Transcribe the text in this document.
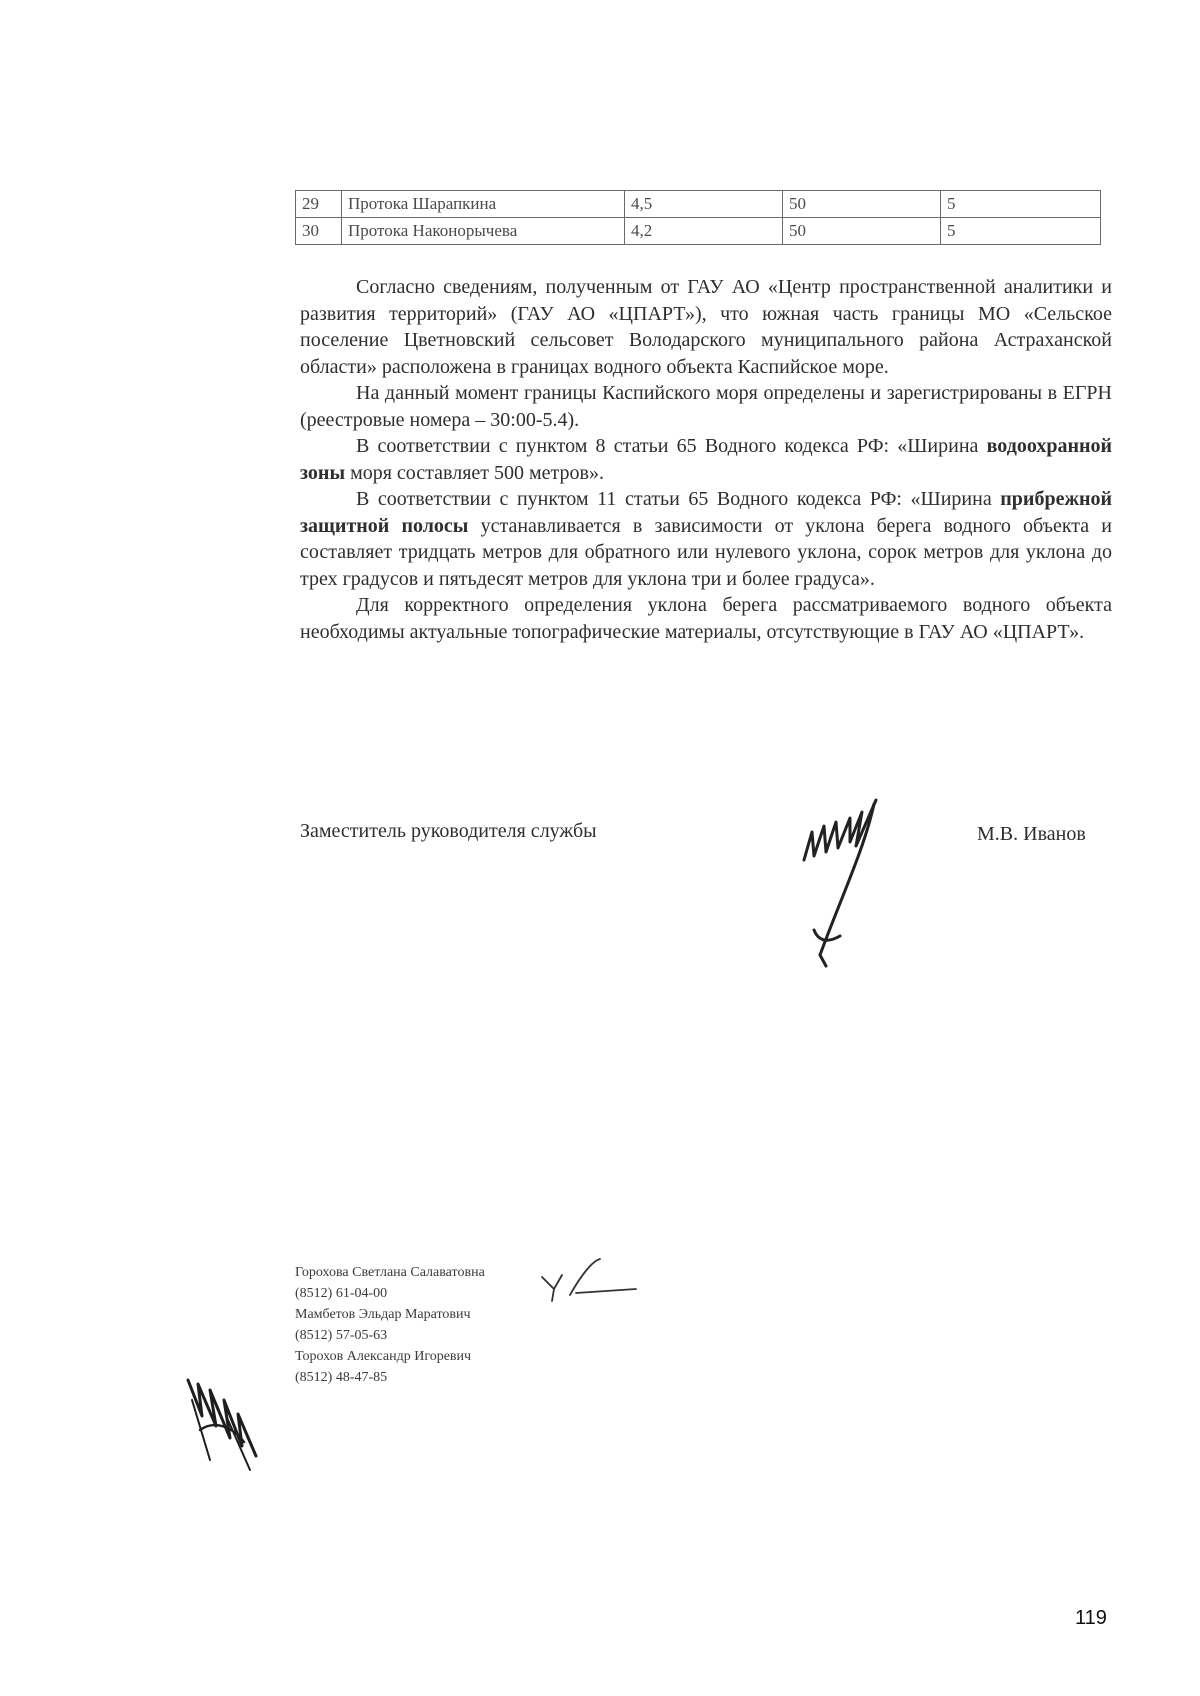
29	Протока Шарапкина	4,5	50	5
30	Протока Наконорычева	4,2	50	5

Согласно сведениям, полученным от ГАУ АО «Центр пространственной аналитики и развития территорий» (ГАУ АО «ЦПАРТ»), что южная часть границы МО «Сельское поселение Цветновский сельсовет Володарского муниципального района Астраханской области» расположена в границах водного объекта Каспийское море.

На данный момент границы Каспийского моря определены и зарегистрированы в ЕГРН (реестровые номера – 30:00-5.4).

В соответствии с пунктом 8 статьи 65 Водного кодекса РФ: «Ширина водоохранной зоны моря составляет 500 метров».

В соответствии с пунктом 11 статьи 65 Водного кодекса РФ: «Ширина прибрежной защитной полосы устанавливается в зависимости от уклона берега водного объекта и составляет тридцать метров для обратного или нулевого уклона, сорок метров для уклона до трех градусов и пятьдесят метров для уклона три и более градуса».

Для корректного определения уклона берега рассматриваемого водного объекта необходимы актуальные топографические материалы, отсутствующие в ГАУ АО «ЦПАРТ».

Заместитель руководителя службы	М.В. Иванов
Горохова Светлана Салаватовна
(8512) 61-04-00
Мамбетов Эльдар Маратович
(8512) 57-05-63
Торохов Александр Игоревич
(8512) 48-47-85
119
